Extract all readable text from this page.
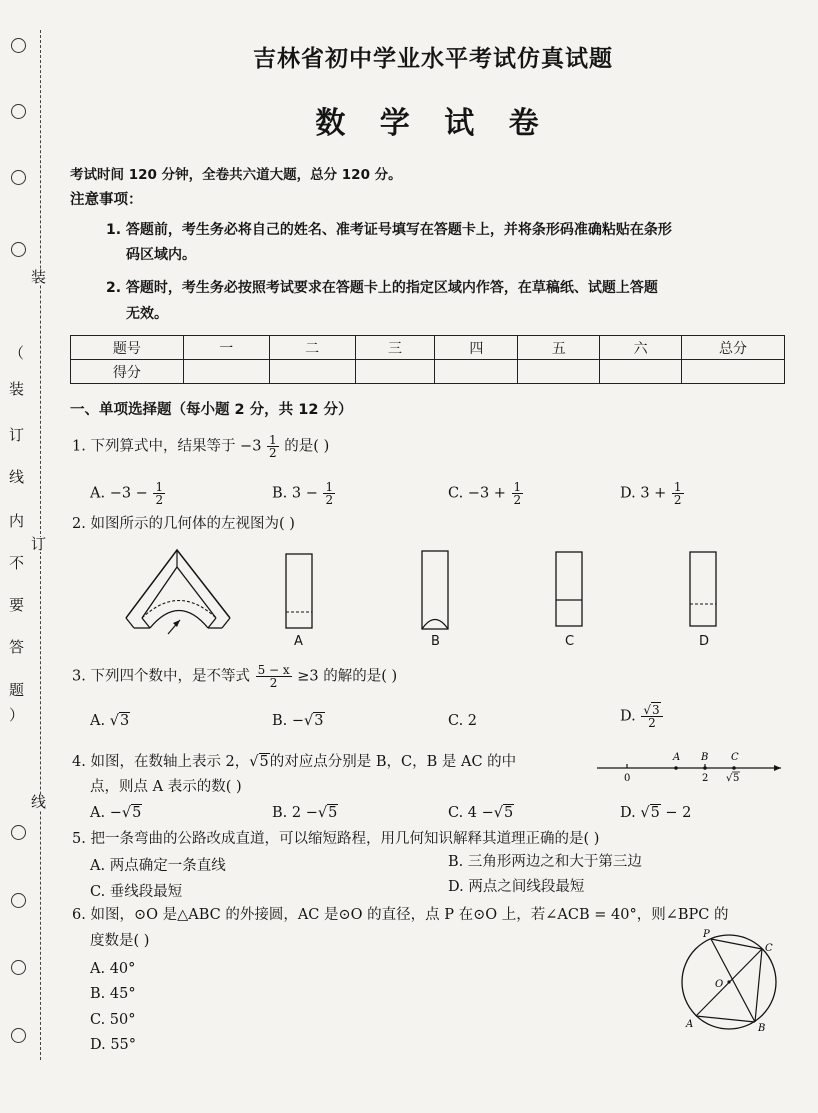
装
订
线
（
装
订
线
内
不
要
答
题
）
吉林省初中学业水平考试仿真试题
数 学 试 卷
考试时间 120 分钟，全卷共六道大题，总分 120 分。
注意事项：
1. 答题前，考生务必将自己的姓名、准考证号填写在答题卡上，并将条形码准确粘贴在条形
码区域内。
2. 答题时，考生务必按照考试要求在答题卡上的指定区域内作答，在草稿纸、试题上答题
无效。
题号	一	二	三	四	五	六	总分
得分							
一、单项选择题（每小题 2 分，共 12 分）
1. 下列算式中，结果等于 $-3 \frac{1}{2}$ 的是( )
A. $-3 - \frac{1}{2}$	B. $3 - \frac{1}{2}$	C. $-3 + \frac{1}{2}$	D. $3 + \frac{1}{2}$
2. 如图所示的几何体的左视图为( )
A	B	C	D
3. 下列四个数中，是不等式 $\frac{5 - x}{2} \ge 3$ 的解的是( )
A. √3	B. −√3	C. 2	D. $\frac{√3}{2}$
4. 如图，在数轴上表示 2，√5的对应点分别是 B，C，B 是 AC 的中
点，则点 A 表示的数( )
A B C
0	2 √ 5
A. −√5	B. 2 −√5	C. 4 −√5	D. √5 − 2
5. 把一条弯曲的公路改成直道，可以缩短路程，用几何知识解释其道理正确的是( )
A. 两点确定一条直线	B. 三角形两边之和大于第三边
C. 垂线段最短	D. 两点之间线段最短
6. 如图，⊙O 是△ABC 的外接圆，AC 是⊙O 的直径，点 P 在⊙O 上，若∠ACB = 40°，则∠BPC 的
度数是( )
A. 40°
B. 45°
C. 50°
D. 55°
P
C
O
A	B
